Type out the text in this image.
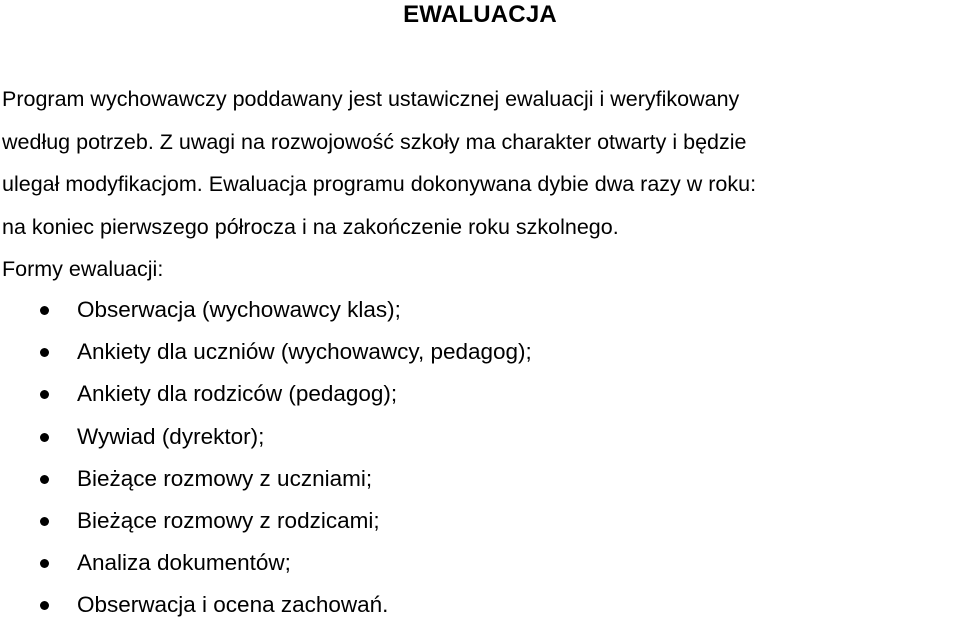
EWALUACJA

Program wychowawczy poddawany jest ustawicznej ewaluacji i weryfikowany
według potrzeb. Z uwagi na rozwojowość szkoły ma charakter otwarty i będzie
ulegał modyfikacjom. Ewaluacja programu dokonywana dybie dwa razy w roku:
na koniec pierwszego półrocza i na zakończenie roku szkolnego.
Formy ewaluacji:

Obserwacja (wychowawcy klas);
Ankiety dla uczniów (wychowawcy, pedagog);
Ankiety dla rodziców (pedagog);
Wywiad (dyrektor);
Bieżące rozmowy z uczniami;
Bieżące rozmowy z rodzicami;
Analiza dokumentów;
Obserwacja i ocena zachowań.
